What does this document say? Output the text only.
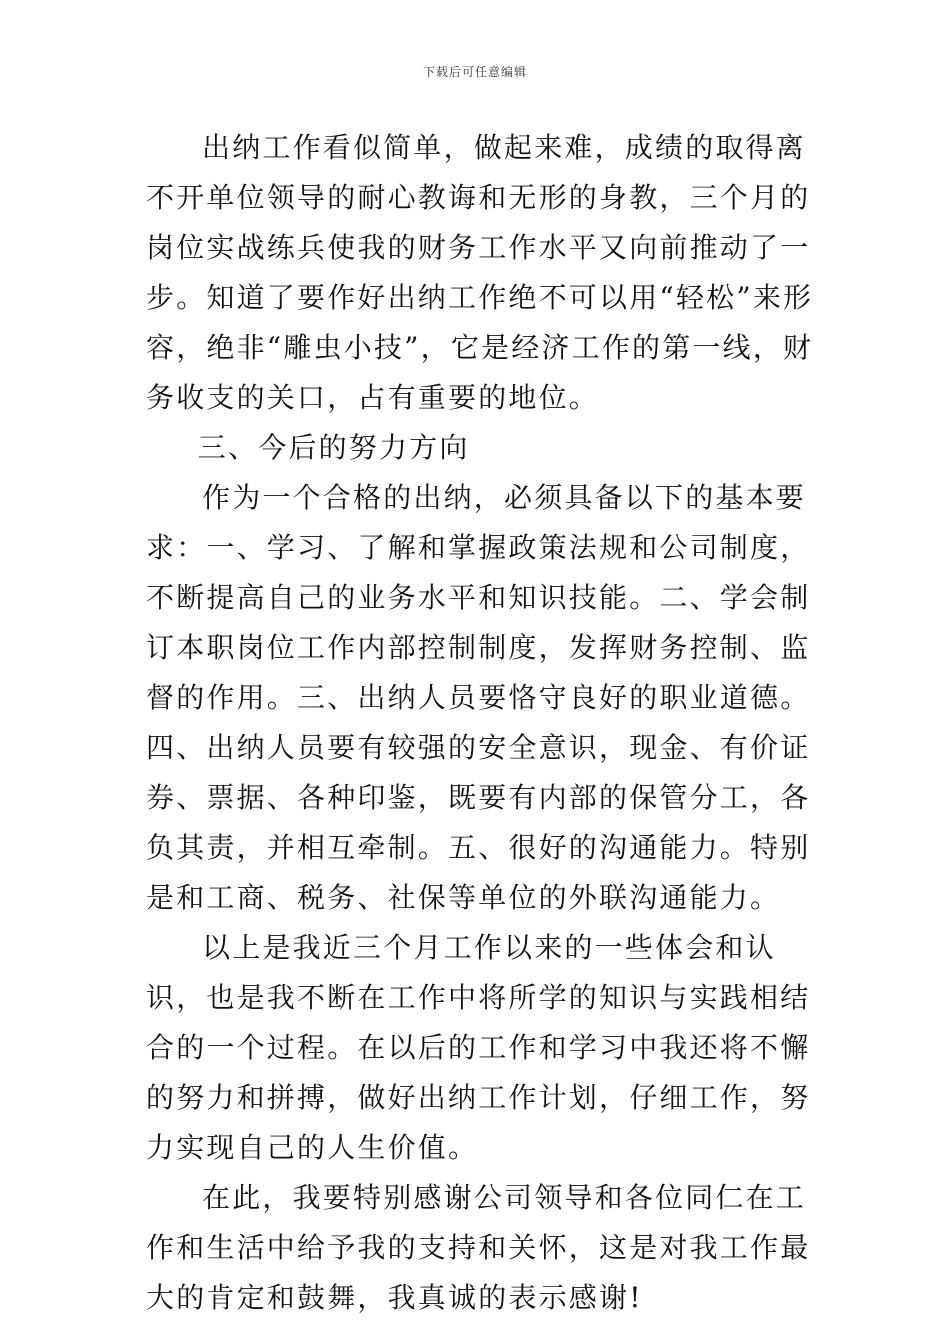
下载后可任意编辑

出纳工作看似简单，做起来难，成绩的取得离不开单位领导的耐心教诲和无形的身教，三个月的岗位实战练兵使我的财务工作水平又向前推动了一步。知道了要作好出纳工作绝不可以用“轻松”来形容，绝非“雕虫小技”，它是经济工作的第一线，财务收支的关口，占有重要的地位。

三、今后的努力方向

作为一个合格的出纳，必须具备以下的基本要求：一、学习、了解和掌握政策法规和公司制度，不断提高自己的业务水平和知识技能。二、学会制订本职岗位工作内部控制制度，发挥财务控制、监督的作用。三、出纳人员要恪守良好的职业道德。四、出纳人员要有较强的安全意识，现金、有价证券、票据、各种印鉴，既要有内部的保管分工，各负其责，并相互牵制。五、很好的沟通能力。特别是和工商、税务、社保等单位的外联沟通能力。

以上是我近三个月工作以来的一些体会和认识，也是我不断在工作中将所学的知识与实践相结合的一个过程。在以后的工作和学习中我还将不懈的努力和拼搏，做好出纳工作计划，仔细工作，努力实现自己的人生价值。

在此，我要特别感谢公司领导和各位同仁在工作和生活中给予我的支持和关怀，这是对我工作最大的肯定和鼓舞，我真诚的表示感谢!
